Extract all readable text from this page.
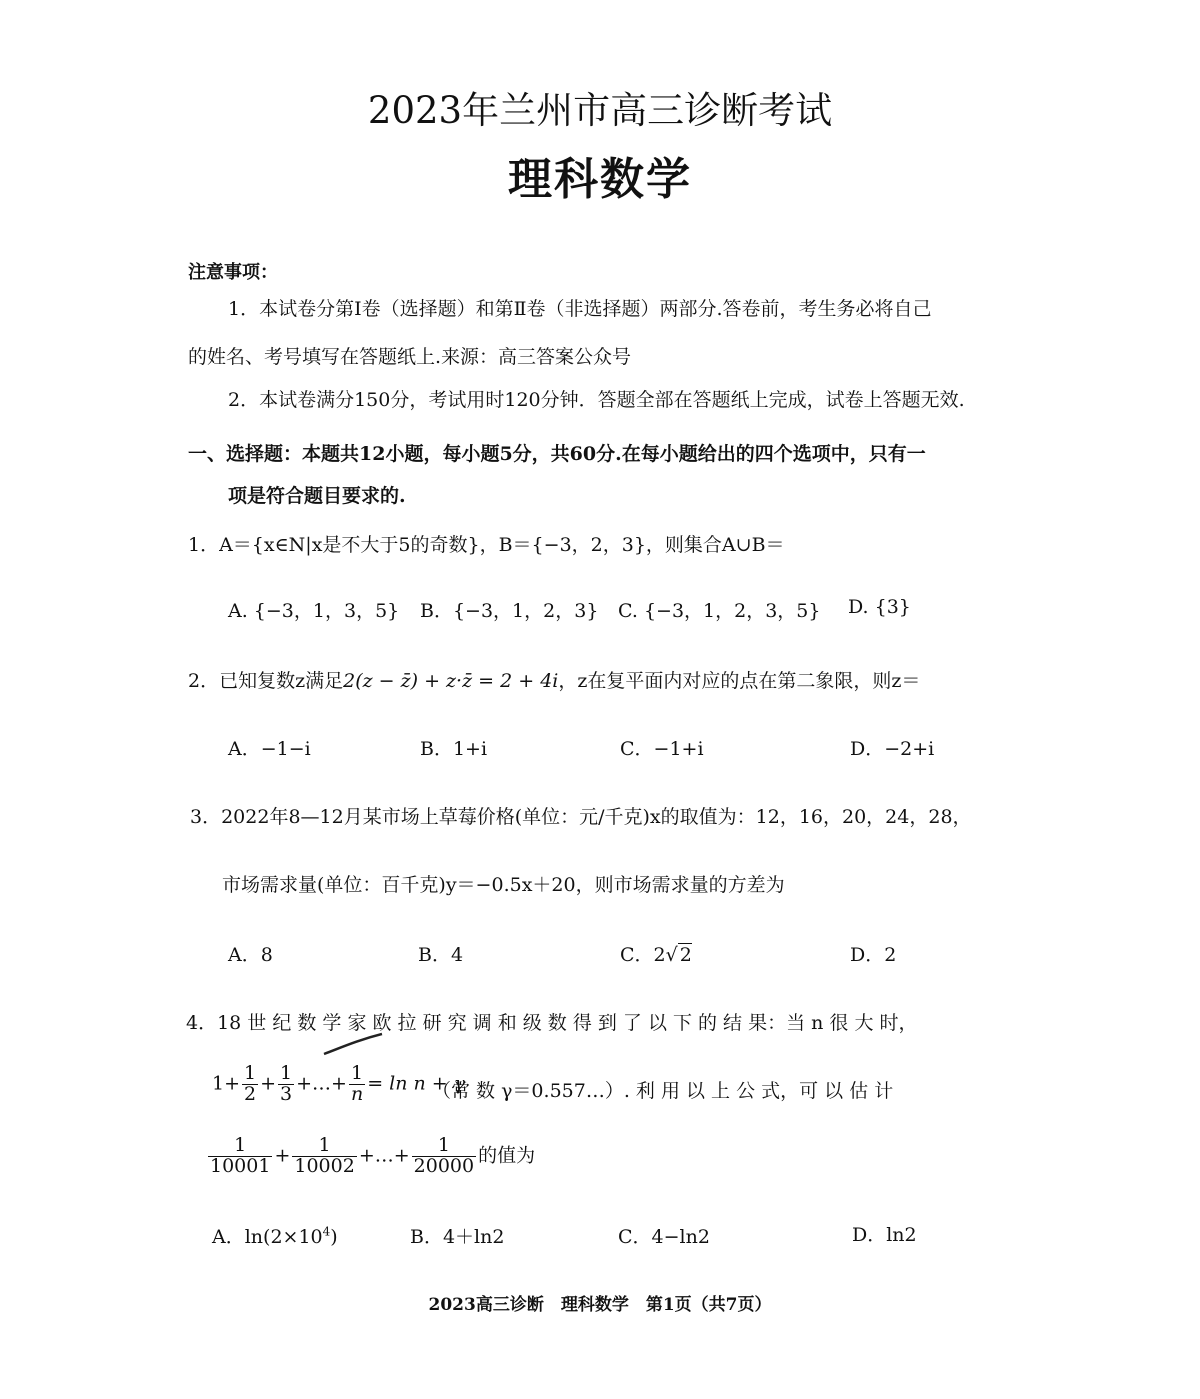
2023年兰州市高三诊断考试
理科数学
注意事项：
1．本试卷分第Ⅰ卷（选择题）和第Ⅱ卷（非选择题）两部分.答卷前，考生务必将自己
的姓名、考号填写在答题纸上.来源：高三答案公众号
2．本试卷满分150分，考试用时120分钟．答题全部在答题纸上完成，试卷上答题无效.
一、选择题：本题共12小题，每小题5分，共60分.在每小题给出的四个选项中，只有一
项是符合题目要求的.
1．A＝{x∈N|x是不大于5的奇数}，B＝{−3，2，3}，则集合A∪B＝
A. {−3，1，3，5} B．{−3，1，2，3} C. {−3，1，2，3，5} D. {3}
2．已知复数z满足2(z − z̄) + z·z̄ = 2 + 4i，z在复平面内对应的点在第二象限，则z＝
A．−1−i	B．1+i	C．−1+i	D．−2+i
3．2022年8—12月某市场上草莓价格(单位：元/千克)x的取值为：12，16，20，24，28，
市场需求量(单位：百千克)y＝−0.5x＋20，则市场需求量的方差为
A．8	B．4	C．2√ 2	D．2
4．18 世 纪 数 学 家 欧 拉 研 究 调 和 级 数 得 到 了 以 下 的 结 果：当 n 很 大 时，
$1+ \frac{1}{2} + \frac{1}{3}$ +…+ $\frac{1}{n} = \ln n + \gamma$
（常 数 γ＝0.557…）. 利 用 以 上 公 式，可 以 估 计
$\frac{1}{10001} + \frac{1}{10002}$ +…+ $\frac{1}{20000}$ 的值为
A．$\ln(2\times 10^4)$	B．4＋ln2	C．4−ln2	D．ln2
2023高三诊断　理科数学　第1页（共7页）
